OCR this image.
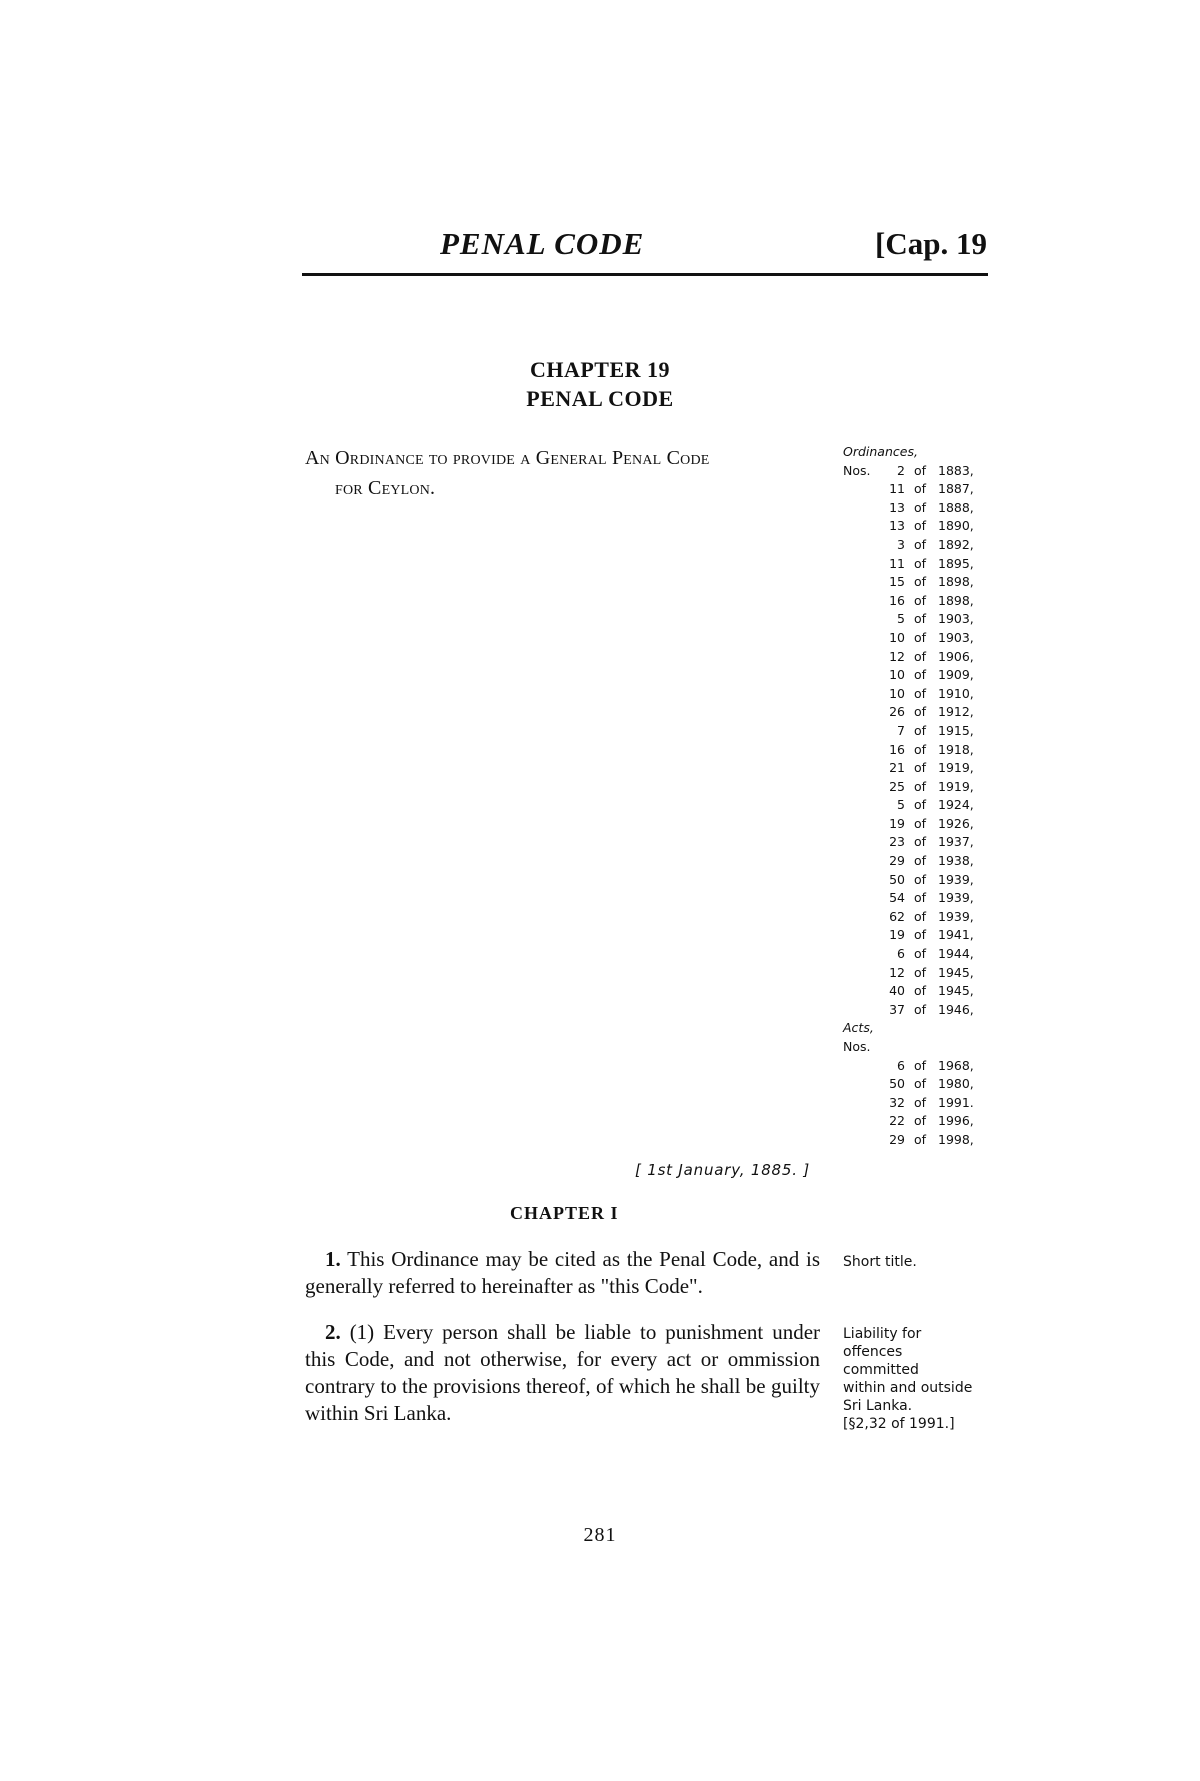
PENAL CODE	[Cap. 19
CHAPTER 19
PENAL CODE
An Ordinance to provide a General Penal Code
for Ceylon.
Ordinances,
Nos.	2 of 1883,
11 of 1887,
13 of 1888,
13 of 1890,
3 of 1892,
11 of 1895,
15 of 1898,
16 of 1898,
5 of 1903,
10 of 1903,
12 of 1906,
10 of 1909,
10 of 1910,
26 of 1912,
7 of 1915,
16 of 1918,
21 of 1919,
25 of 1919,
5 of 1924,
19 of 1926,
23 of 1937,
29 of 1938,
50 of 1939,
54 of 1939,
62 of 1939,
19 of 1941,
6 of 1944,
12 of 1945,
40 of 1945,
37 of 1946,
Acts,
Nos.
6 of 1968,
50 of 1980,
32 of 1991.
22 of 1996,
29 of 1998,
[ 1st January, 1885. ]
CHAPTER I
1. This Ordinance may be cited as the Penal Code, and is generally referred to hereinafter as "this Code".
Short title.
2. (1) Every person shall be liable to punishment under this Code, and not otherwise, for every act or ommission contrary to the provisions thereof, of which he shall be guilty within Sri Lanka.
Liability for
offences
committed
within and outside
Sri Lanka.
[§2,32 of 1991.]
281
